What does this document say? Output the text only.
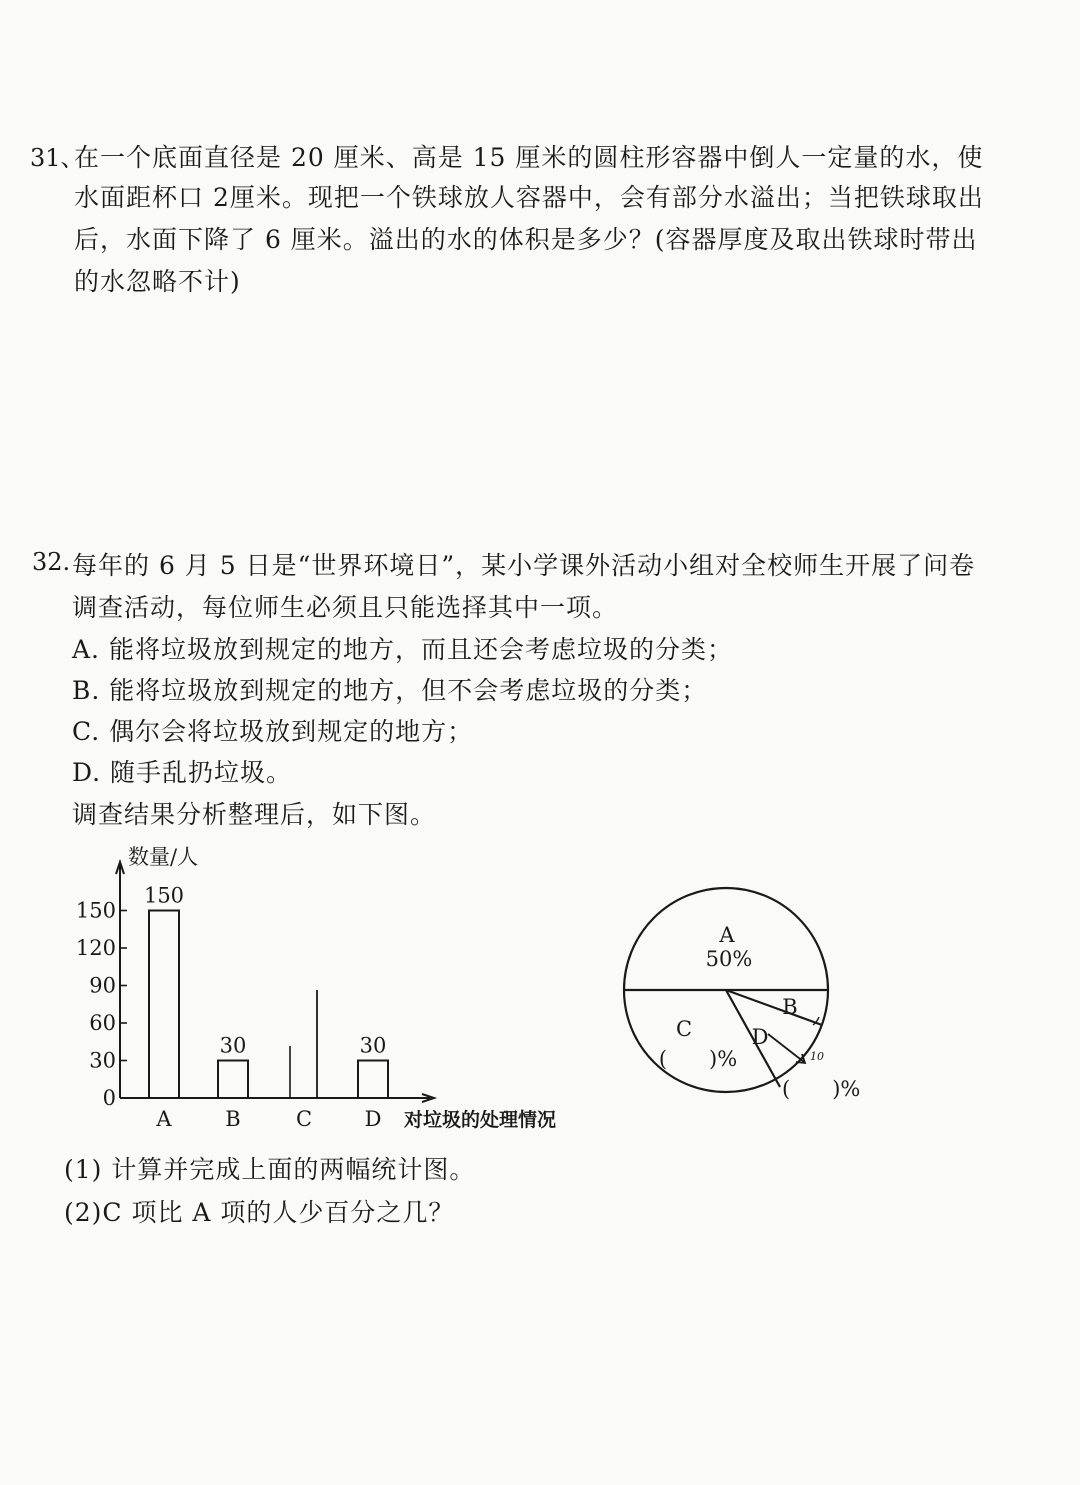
31、
在一个底面直径是 20 厘米、高是 15 厘米的圆柱形容器中倒人一定量的水，使
水面距杯口 2厘米。现把一个铁球放人容器中，会有部分水溢出；当把铁球取出
后，水面下降了 6 厘米。溢出的水的体积是多少？(容器厚度及取出铁球时带出
的水忽略不计)
32. 每年的 6 月 5 日是“世界环境日”，某小学课外活动小组对全校师生开展了问卷
调查活动，每位师生必须且只能选择其中一项。
A. 能将垃圾放到规定的地方，而且还会考虑垃圾的分类；
B. 能将垃圾放到规定的地方，但不会考虑垃圾的分类；
C. 偶尔会将垃圾放到规定的地方；
D. 随手乱扔垃圾。
调查结果分析整理后，如下图。
数量/人
对垃圾的处理情况
0
30
60
90
120
150
150
A
30
B	C
30
D
A
50%
B
C
(　　)%
D
10
(　　)%
(1) 计算并完成上面的两幅统计图。
(2)C 项比 A 项的人少百分之几？
